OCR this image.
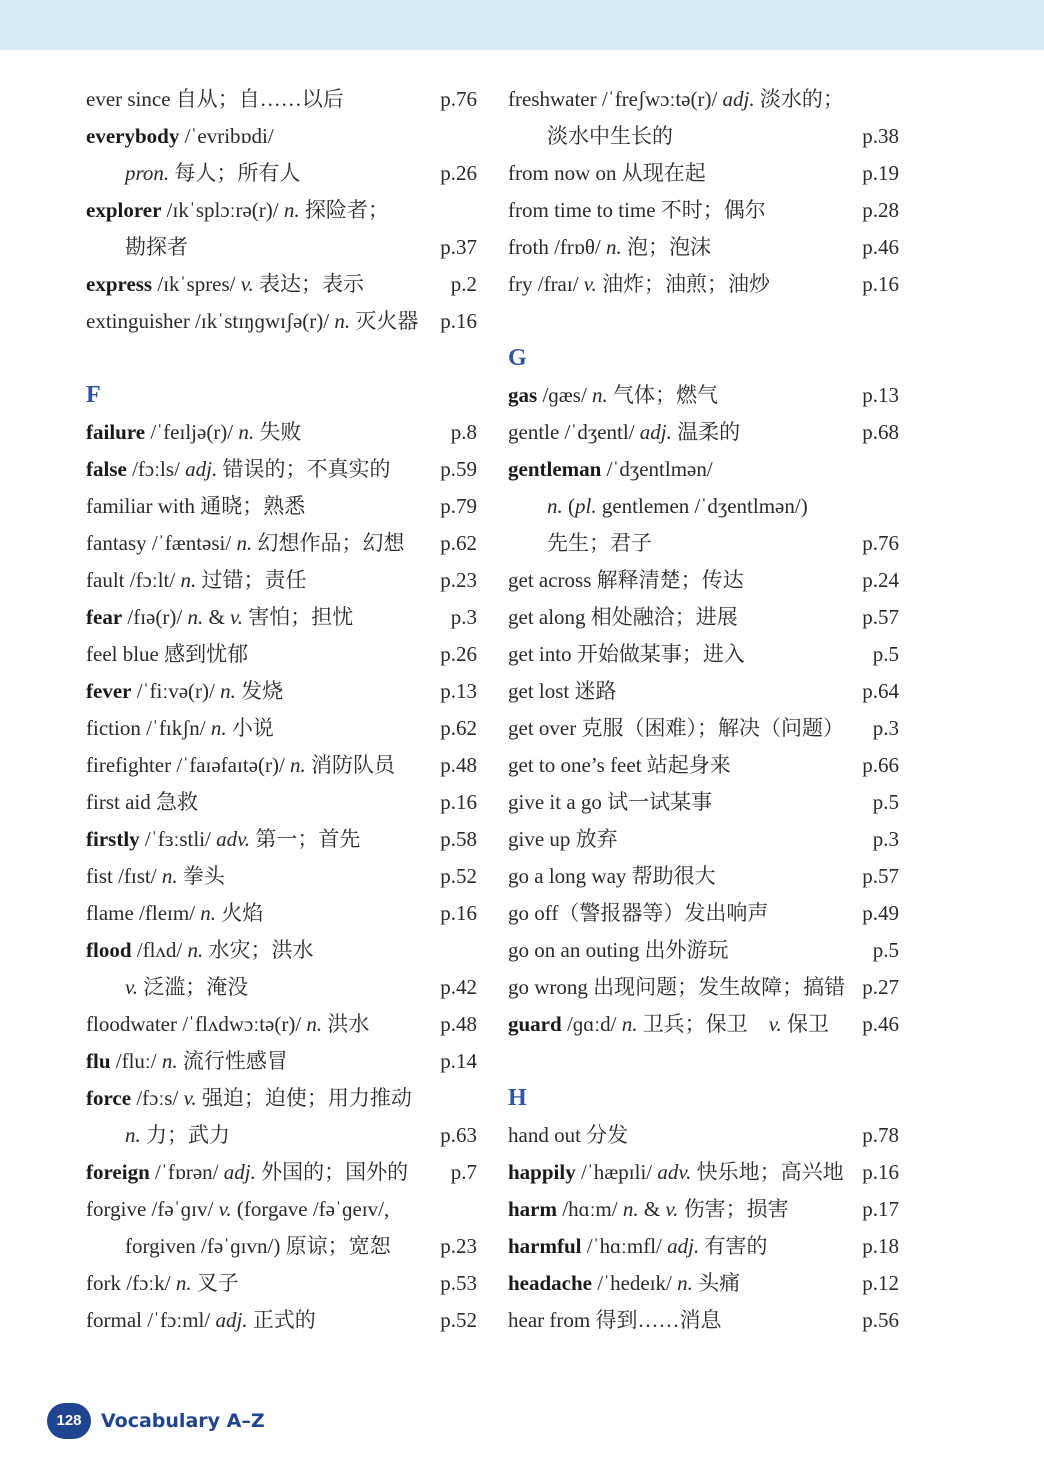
ever since 自从；自……以后	p.76
everybody /ˈevribɒdi/
pron. 每人；所有人	p.26
explorer /ɪkˈsplɔːrə(r)/ n. 探险者；
勘探者	p.37
express /ɪkˈspres/ v. 表达；表示	p.2
extinguisher /ɪkˈstɪŋɡwɪʃə(r)/ n. 灭火器 p.16
F
failure /ˈfeɪljə(r)/ n. 失败	p.8
false /fɔːls/ adj. 错误的；不真实的 p.59
familiar with 通晓；熟悉	p.79
fantasy /ˈfæntəsi/ n. 幻想作品；幻想 p.62
fault /fɔːlt/ n. 过错；责任	p.23
fear /fɪə(r)/ n. & v. 害怕；担忧	p.3
feel blue 感到忧郁	p.26
fever /ˈfiːvə(r)/ n. 发烧	p.13
fiction /ˈfɪkʃn/ n. 小说	p.62
firefighter /ˈfaɪəfaɪtə(r)/ n. 消防队员 p.48
first aid 急救	p.16
firstly /ˈfɜːstli/ adv. 第一；首先	p.58
fist /fɪst/ n. 拳头	p.52
flame /fleɪm/ n. 火焰	p.16
flood /flʌd/ n. 水灾；洪水
v. 泛滥；淹没	p.42
floodwater /ˈflʌdwɔːtə(r)/ n. 洪水	p.48
flu /fluː/ n. 流行性感冒	p.14
force /fɔːs/ v. 强迫；迫使；用力推动
n. 力；武力	p.63
foreign /ˈfɒrən/ adj. 外国的；国外的 p.7
forgive /fəˈɡɪv/ v. (forgave /fəˈɡeɪv/,
forgiven /fəˈɡɪvn/) 原谅；宽恕 p.23
fork /fɔːk/ n. 叉子	p.53
formal /ˈfɔːml/ adj. 正式的	p.52
freshwater /ˈfreʃwɔːtə(r)/ adj. 淡水的；
淡水中生长的	p.38
from now on 从现在起	p.19
from time to time 不时；偶尔	p.28
froth /frɒθ/ n. 泡；泡沫	p.46
fry /fraɪ/ v. 油炸；油煎；油炒	p.16
G
gas /ɡæs/ n. 气体；燃气	p.13
gentle /ˈdʒentl/ adj. 温柔的	p.68
gentleman /ˈdʒentlmən/
n. (pl. gentlemen /ˈdʒentlmən/)
先生；君子	p.76
get across 解释清楚；传达	p.24
get along 相处融洽；进展	p.57
get into 开始做某事；进入	p.5
get lost 迷路	p.64
get over 克服（困难）；解决（问题） p.3
get to one’s feet 站起身来	p.66
give it a go 试一试某事	p.5
give up 放弃	p.3
go a long way 帮助很大	p.57
go off（警报器等）发出响声	p.49
go on an outing 出外游玩	p.5
go wrong 出现问题；发生故障；搞错 p.27
guard /ɡɑːd/ n. 卫兵；保卫　v. 保卫 p.46
H
hand out 分发	p.78
happily /ˈhæpɪli/ adv. 快乐地；高兴地 p.16
harm /hɑːm/ n. & v. 伤害；损害	p.17
harmful /ˈhɑːmfl/ adj. 有害的	p.18
headache /ˈhedeɪk/ n. 头痛	p.12
hear from 得到……消息	p.56
128	Vocabulary A–Z
